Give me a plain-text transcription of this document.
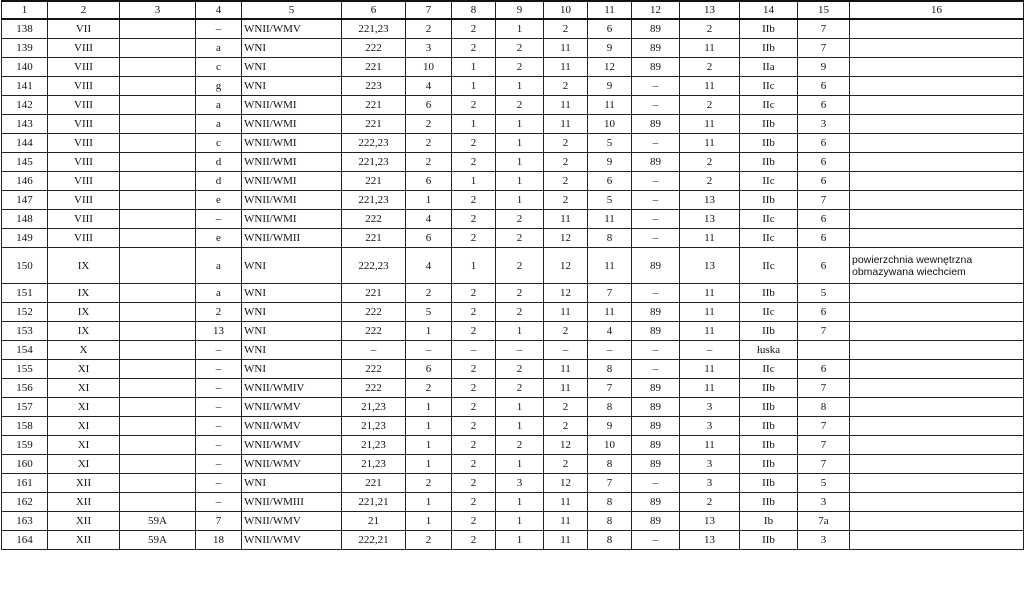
1	2	3	4	5	6	7	8	9	10	11	12	13	14	15	16
138	VII		–	WNII/WMV	221,23	2	2	1	2	6	89	2	IIb	7	
139	VIII		a	WNI	222	3	2	2	11	9	89	11	IIb	7	
140	VIII		c	WNI	221	10	1	2	11	12	89	2	IIa	9	
141	VIII		g	WNI	223	4	1	1	2	9	–	11	IIc	6	
142	VIII		a	WNII/WMI	221	6	2	2	11	11	–	2	IIc	6	
143	VIII		a	WNII/WMI	221	2	1	1	11	10	89	11	IIb	3	
144	VIII		c	WNII/WMI	222,23	2	2	1	2	5	–	11	IIb	6	
145	VIII		d	WNII/WMI	221,23	2	2	1	2	9	89	2	IIb	6	
146	VIII		d	WNII/WMI	221	6	1	1	2	6	–	2	IIc	6	
147	VIII		e	WNII/WMI	221,23	1	2	1	2	5	–	13	IIb	7	
148	VIII		–	WNII/WMI	222	4	2	2	11	11	–	13	IIc	6	
149	VIII		e	WNII/WMII	221	6	2	2	12	8	–	11	IIc	6	
150	IX		a	WNI	222,23	4	1	2	12	11	89	13	IIc	6	powierzchnia wewnętrzna obmazywana wiechciem
151	IX		a	WNI	221	2	2	2	12	7	–	11	IIb	5	
152	IX		2	WNI	222	5	2	2	11	11	89	11	IIc	6	
153	IX		13	WNI	222	1	2	1	2	4	89	11	IIb	7	
154	X		–	WNI	–	–	–	–	–	–	–	–	łuska		
155	XI		–	WNI	222	6	2	2	11	8	–	11	IIc	6	
156	XI		–	WNII/WMIV	222	2	2	2	11	7	89	11	IIb	7	
157	XI		–	WNII/WMV	21,23	1	2	1	2	8	89	3	IIb	8	
158	XI		–	WNII/WMV	21,23	1	2	1	2	9	89	3	IIb	7	
159	XI		–	WNII/WMV	21,23	1	2	2	12	10	89	11	IIb	7	
160	XI		–	WNII/WMV	21,23	1	2	1	2	8	89	3	IIb	7	
161	XII		–	WNI	221	2	2	3	12	7	–	3	IIb	5	
162	XII		–	WNII/WMIII	221,21	1	2	1	11	8	89	2	IIb	3	
163	XII	59A	7	WNII/WMV	21	1	2	1	11	8	89	13	Ib	7a	
164	XII	59A	18	WNII/WMV	222,21	2	2	1	11	8	–	13	IIb	3	
